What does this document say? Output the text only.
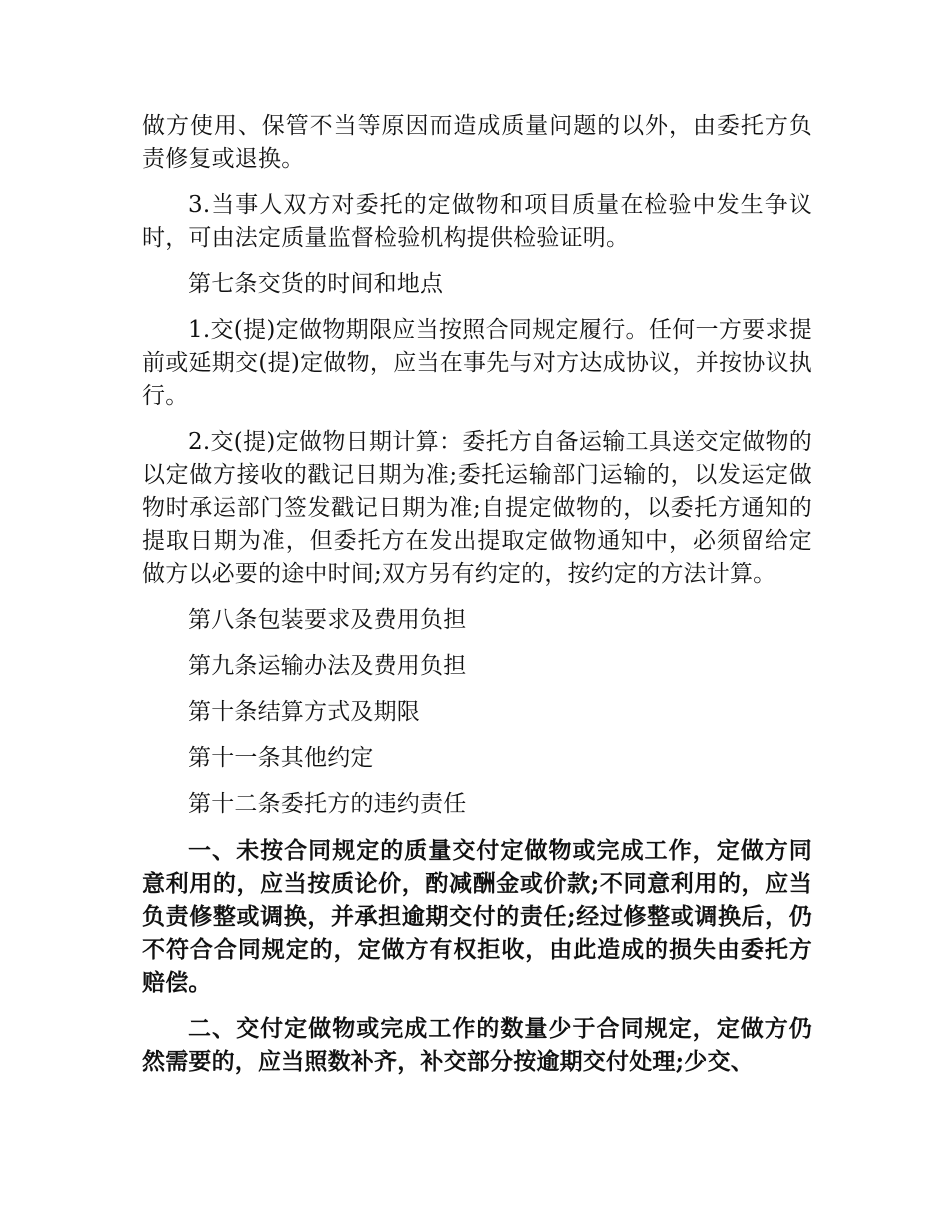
做方使用、保管不当等原因而造成质量问题的以外，由委托方负责修复或退换。

3.当事人双方对委托的定做物和项目质量在检验中发生争议时，可由法定质量监督检验机构提供检验证明。

第七条交货的时间和地点

1.交(提)定做物期限应当按照合同规定履行。任何一方要求提前或延期交(提)定做物，应当在事先与对方达成协议，并按协议执行。

2.交(提)定做物日期计算：委托方自备运输工具送交定做物的以定做方接收的戳记日期为准;委托运输部门运输的，以发运定做物时承运部门签发戳记日期为准;自提定做物的，以委托方通知的提取日期为准，但委托方在发出提取定做物通知中，必须留给定做方以必要的途中时间;双方另有约定的，按约定的方法计算。

第八条包装要求及费用负担

第九条运输办法及费用负担

第十条结算方式及期限

第十一条其他约定

第十二条委托方的违约责任

一、未按合同规定的质量交付定做物或完成工作，定做方同意利用的，应当按质论价，酌减酬金或价款;不同意利用的，应当负责修整或调换，并承担逾期交付的责任;经过修整或调换后，仍不符合合同规定的，定做方有权拒收，由此造成的损失由委托方赔偿。

二、交付定做物或完成工作的数量少于合同规定，定做方仍然需要的，应当照数补齐，补交部分按逾期交付处理;少交、
